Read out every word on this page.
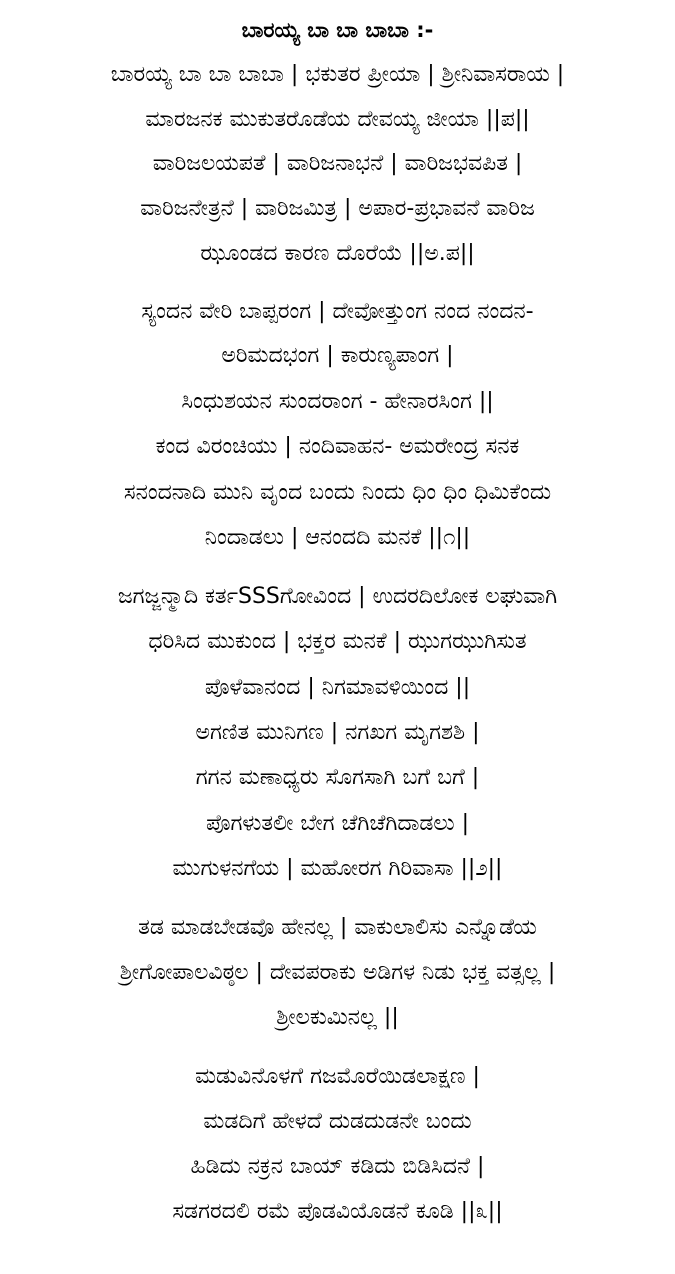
ಬಾರಯ್ಯ ಬಾ ಬಾ ಬಾಬಾ :-
ಬಾರಯ್ಯ ಬಾ ಬಾ ಬಾಬಾ | ಭಕುತರ ಪ್ರೀಯಾ | ಶ್ರೀನಿವಾಸರಾಯ |
ಮಾರಜನಕ ಮುಕುತರೊಡೆಯ ದೇವಯ್ಯ ಜೀಯಾ ||ಪ||
ವಾರಿಜಲಯಪತೆ | ವಾರಿಜನಾಭನೆ | ವಾರಿಜಭವಪಿತ |
ವಾರಿಜನೇತ್ರನೆ | ವಾರಿಜಮಿತ್ರ | ಅಪಾರ-ಪ್ರಭಾವನೆ ವಾರಿಜ
ಝೂಂಡದ ಕಾರಣ ದೊರೆಯೆ ||ಅ.ಪ||
ಸ್ಯಂದನ ವೇರಿ ಬಾಪ್ಪರಂಗ | ದೇವೋತ್ತುಂಗ ನಂದ ನಂದನ-
ಅರಿಮದಭಂಗ | ಕಾರುಣ್ಯಪಾಂಗ |
ಸಿಂಧುಶಯನ ಸುಂದರಾಂಗ - ಹೇನಾರಸಿಂಗ ||
ಕಂದ ವಿರಂಚಿಯು | ನಂದಿವಾಹನ- ಅಮರೇಂದ್ರ ಸನಕ
ಸನಂದನಾದಿ ಮುನಿ ವೃಂದ ಬಂದು ನಿಂದು ಧಿಂ ಧಿಂ ಧಿಮಿಕೆಂದು
ನಿಂದಾಡಲು | ಆನಂದದಿ ಮನಕೆ ||೧||
ಜಗಜ್ಜನ್ಮಾದಿ ಕರ್ತSSSಗೋವಿಂದ | ಉದರದಿಲೋಕ ಲಘುವಾಗಿ
ಧರಿಸಿದ ಮುಕುಂದ | ಭಕ್ತರ ಮನಕೆ | ಝುಗಝುಗಿಸುತ
ಪೊಳೆವಾನಂದ | ನಿಗಮಾವಳಿಯಿಂದ ||
ಅಗಣಿತ ಮುನಿಗಣ | ನಗಖಗ ಮೃಗಶಶಿ |
ಗಗನ ಮಣಾಧ್ಯರು ಸೊಗಸಾಗಿ ಬಗೆ ಬಗೆ |
ಪೊಗಳುತಲೀ ಬೇಗ ಚೆಗಿಚೆಗಿದಾಡಲು |
ಮುಗುಳನಗೆಯ | ಮಹೋರಗ ಗಿರಿವಾಸಾ ||೨||
ತಡ ಮಾಡಬೇಡವೊ ಹೇನಲ್ಲ | ವಾಕುಲಾಲಿಸು ಎನ್ನೊಡೆಯ
ಶ್ರೀಗೋಪಾಲವಿಠ್ಠಲ | ದೇವಪರಾಕು ಅಡಿಗಳ ನಿಡು ಭಕ್ತ ವತ್ಸಲ್ಲ |
ಶ್ರೀಲಕುಮಿನಲ್ಲ ||
ಮಡುವಿನೊಳಗೆ ಗಜಮೊರೆಯಿಡಲಾಕ್ಷಣ |
ಮಡದಿಗೆ ಹೇಳದೆ ದುಡದುಡನೇ ಬಂದು
ಹಿಡಿದು ನಕ್ರನ ಬಾಯ್ ಕಡಿದು ಬಿಡಿಸಿದನೆ |
ಸಡಗರದಲಿ ರಮೆ ಪೊಡವಿಯೊಡನೆ ಕೂಡಿ ||೩||
